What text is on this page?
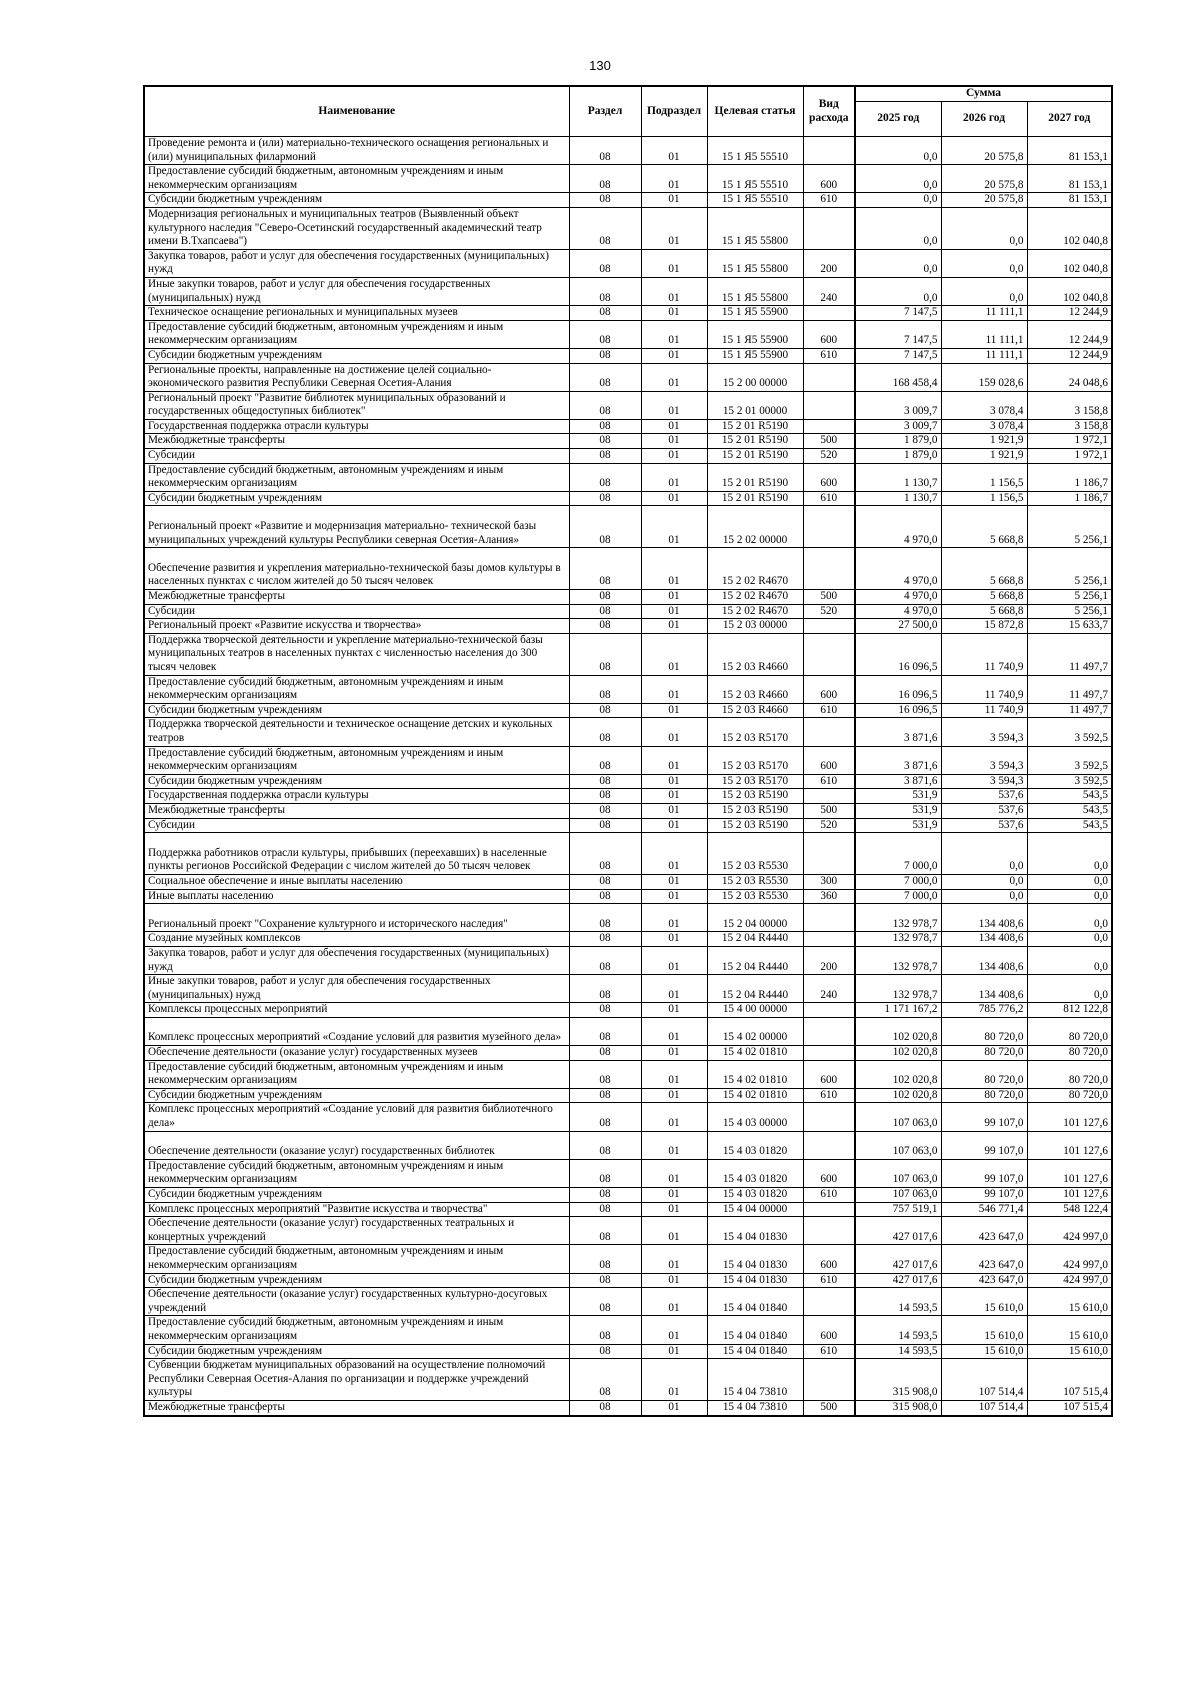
130
Наименование	Раздел	Подраздел	Целевая статья	Вид расхода	Сумма		
					2025 год	2026 год	2027 год
Проведение ремонта и (или) материально-технического оснащения региональных и (или) муниципальных филармоний	08	01	15 1 Я5 55510		0,0	20 575,8	81 153,1
Предоставление субсидий бюджетным, автономным учреждениям и иным некоммерческим организациям	08	01	15 1 Я5 55510	600	0,0	20 575,8	81 153,1
Субсидии бюджетным учреждениям	08	01	15 1 Я5 55510	610	0,0	20 575,8	81 153,1
Модернизация региональных и муниципальных театров (Выявленный объект культурного наследия "Северо-Осетинский государственный академический театр имени В.Тхапсаева")	08	01	15 1 Я5 55800		0,0	0,0	102 040,8
Закупка товаров, работ и услуг для обеспечения государственных (муниципальных) нужд	08	01	15 1 Я5 55800	200	0,0	0,0	102 040,8
Иные закупки товаров, работ и услуг для обеспечения государственных (муниципальных) нужд	08	01	15 1 Я5 55800	240	0,0	0,0	102 040,8
Техническое оснащение региональных и муниципальных музеев	08	01	15 1 Я5 55900		7 147,5	11 111,1	12 244,9
Предоставление субсидий бюджетным, автономным учреждениям и иным некоммерческим организациям	08	01	15 1 Я5 55900	600	7 147,5	11 111,1	12 244,9
Субсидии бюджетным учреждениям	08	01	15 1 Я5 55900	610	7 147,5	11 111,1	12 244,9
Региональные проекты, направленные на достижение целей социально-экономического развития Республики Северная Осетия-Алания	08	01	15 2 00 00000		168 458,4	159 028,6	24 048,6
Региональный проект "Развитие библиотек муниципальных образований и государственных общедоступных библиотек"	08	01	15 2 01 00000		3 009,7	3 078,4	3 158,8
Государственная поддержка отрасли культуры	08	01	15 2 01 R5190		3 009,7	3 078,4	3 158,8
Межбюджетные трансферты	08	01	15 2 01 R5190	500	1 879,0	1 921,9	1 972,1
Субсидии	08	01	15 2 01 R5190	520	1 879,0	1 921,9	1 972,1
Предоставление субсидий бюджетным, автономным учреждениям и иным некоммерческим организациям	08	01	15 2 01 R5190	600	1 130,7	1 156,5	1 186,7
Субсидии бюджетным учреждениям	08	01	15 2 01 R5190	610	1 130,7	1 156,5	1 186,7
Региональный проект «Развитие и модернизация материально- технической базы муниципальных учреждений культуры Республики северная Осетия-Алания»	08	01	15 2 02 00000		4 970,0	5 668,8	5 256,1
Обеспечение развития и укрепления материально-технической базы домов культуры в населенных пунктах с числом жителей до 50 тысяч человек	08	01	15 2 02 R4670		4 970,0	5 668,8	5 256,1
Межбюджетные трансферты	08	01	15 2 02 R4670	500	4 970,0	5 668,8	5 256,1
Субсидии	08	01	15 2 02 R4670	520	4 970,0	5 668,8	5 256,1
Региональный проект «Развитие искусства и творчества»	08	01	15 2 03 00000		27 500,0	15 872,8	15 633,7
Поддержка творческой деятельности и укрепление материально-технической базы муниципальных театров в населенных пунктах с численностью населения до 300 тысяч человек	08	01	15 2 03 R4660		16 096,5	11 740,9	11 497,7
Предоставление субсидий бюджетным, автономным учреждениям и иным некоммерческим организациям	08	01	15 2 03 R4660	600	16 096,5	11 740,9	11 497,7
Субсидии бюджетным учреждениям	08	01	15 2 03 R4660	610	16 096,5	11 740,9	11 497,7
Поддержка творческой деятельности и техническое оснащение детских и кукольных театров	08	01	15 2 03 R5170		3 871,6	3 594,3	3 592,5
Предоставление субсидий бюджетным, автономным учреждениям и иным некоммерческим организациям	08	01	15 2 03 R5170	600	3 871,6	3 594,3	3 592,5
Субсидии бюджетным учреждениям	08	01	15 2 03 R5170	610	3 871,6	3 594,3	3 592,5
Государственная поддержка отрасли культуры	08	01	15 2 03 R5190		531,9	537,6	543,5
Межбюджетные трансферты	08	01	15 2 03 R5190	500	531,9	537,6	543,5
Субсидии	08	01	15 2 03 R5190	520	531,9	537,6	543,5
Поддержка работников отрасли культуры, прибывших (переехавших) в населенные пункты регионов Российской Федерации с числом жителей до 50 тысяч человек	08	01	15 2 03 R5530		7 000,0	0,0	0,0
Социальное обеспечение и иные выплаты населению	08	01	15 2 03 R5530	300	7 000,0	0,0	0,0
Иные выплаты населению	08	01	15 2 03 R5530	360	7 000,0	0,0	0,0
Региональный проект "Сохранение культурного и исторического наследия"	08	01	15 2 04 00000		132 978,7	134 408,6	0,0
Создание музейных комплексов	08	01	15 2 04 R4440		132 978,7	134 408,6	0,0
Закупка товаров, работ и услуг для обеспечения государственных (муниципальных) нужд	08	01	15 2 04 R4440	200	132 978,7	134 408,6	0,0
Иные закупки товаров, работ и услуг для обеспечения государственных (муниципальных) нужд	08	01	15 2 04 R4440	240	132 978,7	134 408,6	0,0
Комплексы процессных мероприятий	08	01	15 4 00 00000		1 171 167,2	785 776,2	812 122,8
Комплекс процессных мероприятий «Создание условий для развития музейного дела»	08	01	15 4 02 00000		102 020,8	80 720,0	80 720,0
Обеспечение деятельности (оказание услуг) государственных музеев	08	01	15 4 02 01810		102 020,8	80 720,0	80 720,0
Предоставление субсидий бюджетным, автономным учреждениям и иным некоммерческим организациям	08	01	15 4 02 01810	600	102 020,8	80 720,0	80 720,0
Субсидии бюджетным учреждениям	08	01	15 4 02 01810	610	102 020,8	80 720,0	80 720,0
Комплекс процессных мероприятий «Создание условий для развития библиотечного дела»	08	01	15 4 03 00000		107 063,0	99 107,0	101 127,6
Обеспечение деятельности (оказание услуг) государственных библиотек	08	01	15 4 03 01820		107 063,0	99 107,0	101 127,6
Предоставление субсидий бюджетным, автономным учреждениям и иным некоммерческим организациям	08	01	15 4 03 01820	600	107 063,0	99 107,0	101 127,6
Субсидии бюджетным учреждениям	08	01	15 4 03 01820	610	107 063,0	99 107,0	101 127,6
Комплекс процессных мероприятий "Развитие искусства и творчества"	08	01	15 4 04 00000		757 519,1	546 771,4	548 122,4
Обеспечение деятельности (оказание услуг) государственных театральных и концертных учреждений	08	01	15 4 04 01830		427 017,6	423 647,0	424 997,0
Предоставление субсидий бюджетным, автономным учреждениям и иным некоммерческим организациям	08	01	15 4 04 01830	600	427 017,6	423 647,0	424 997,0
Субсидии бюджетным учреждениям	08	01	15 4 04 01830	610	427 017,6	423 647,0	424 997,0
Обеспечение деятельности (оказание услуг) государственных культурно-досуговых учреждений	08	01	15 4 04 01840		14 593,5	15 610,0	15 610,0
Предоставление субсидий бюджетным, автономным учреждениям и иным некоммерческим организациям	08	01	15 4 04 01840	600	14 593,5	15 610,0	15 610,0
Субсидии бюджетным учреждениям	08	01	15 4 04 01840	610	14 593,5	15 610,0	15 610,0
Субвенции бюджетам муниципальных образований на осуществление полномочий Республики Северная Осетия-Алания по организации и поддержке учреждений культуры	08	01	15 4 04 73810		315 908,0	107 514,4	107 515,4
Межбюджетные трансферты	08	01	15 4 04 73810	500	315 908,0	107 514,4	107 515,4
